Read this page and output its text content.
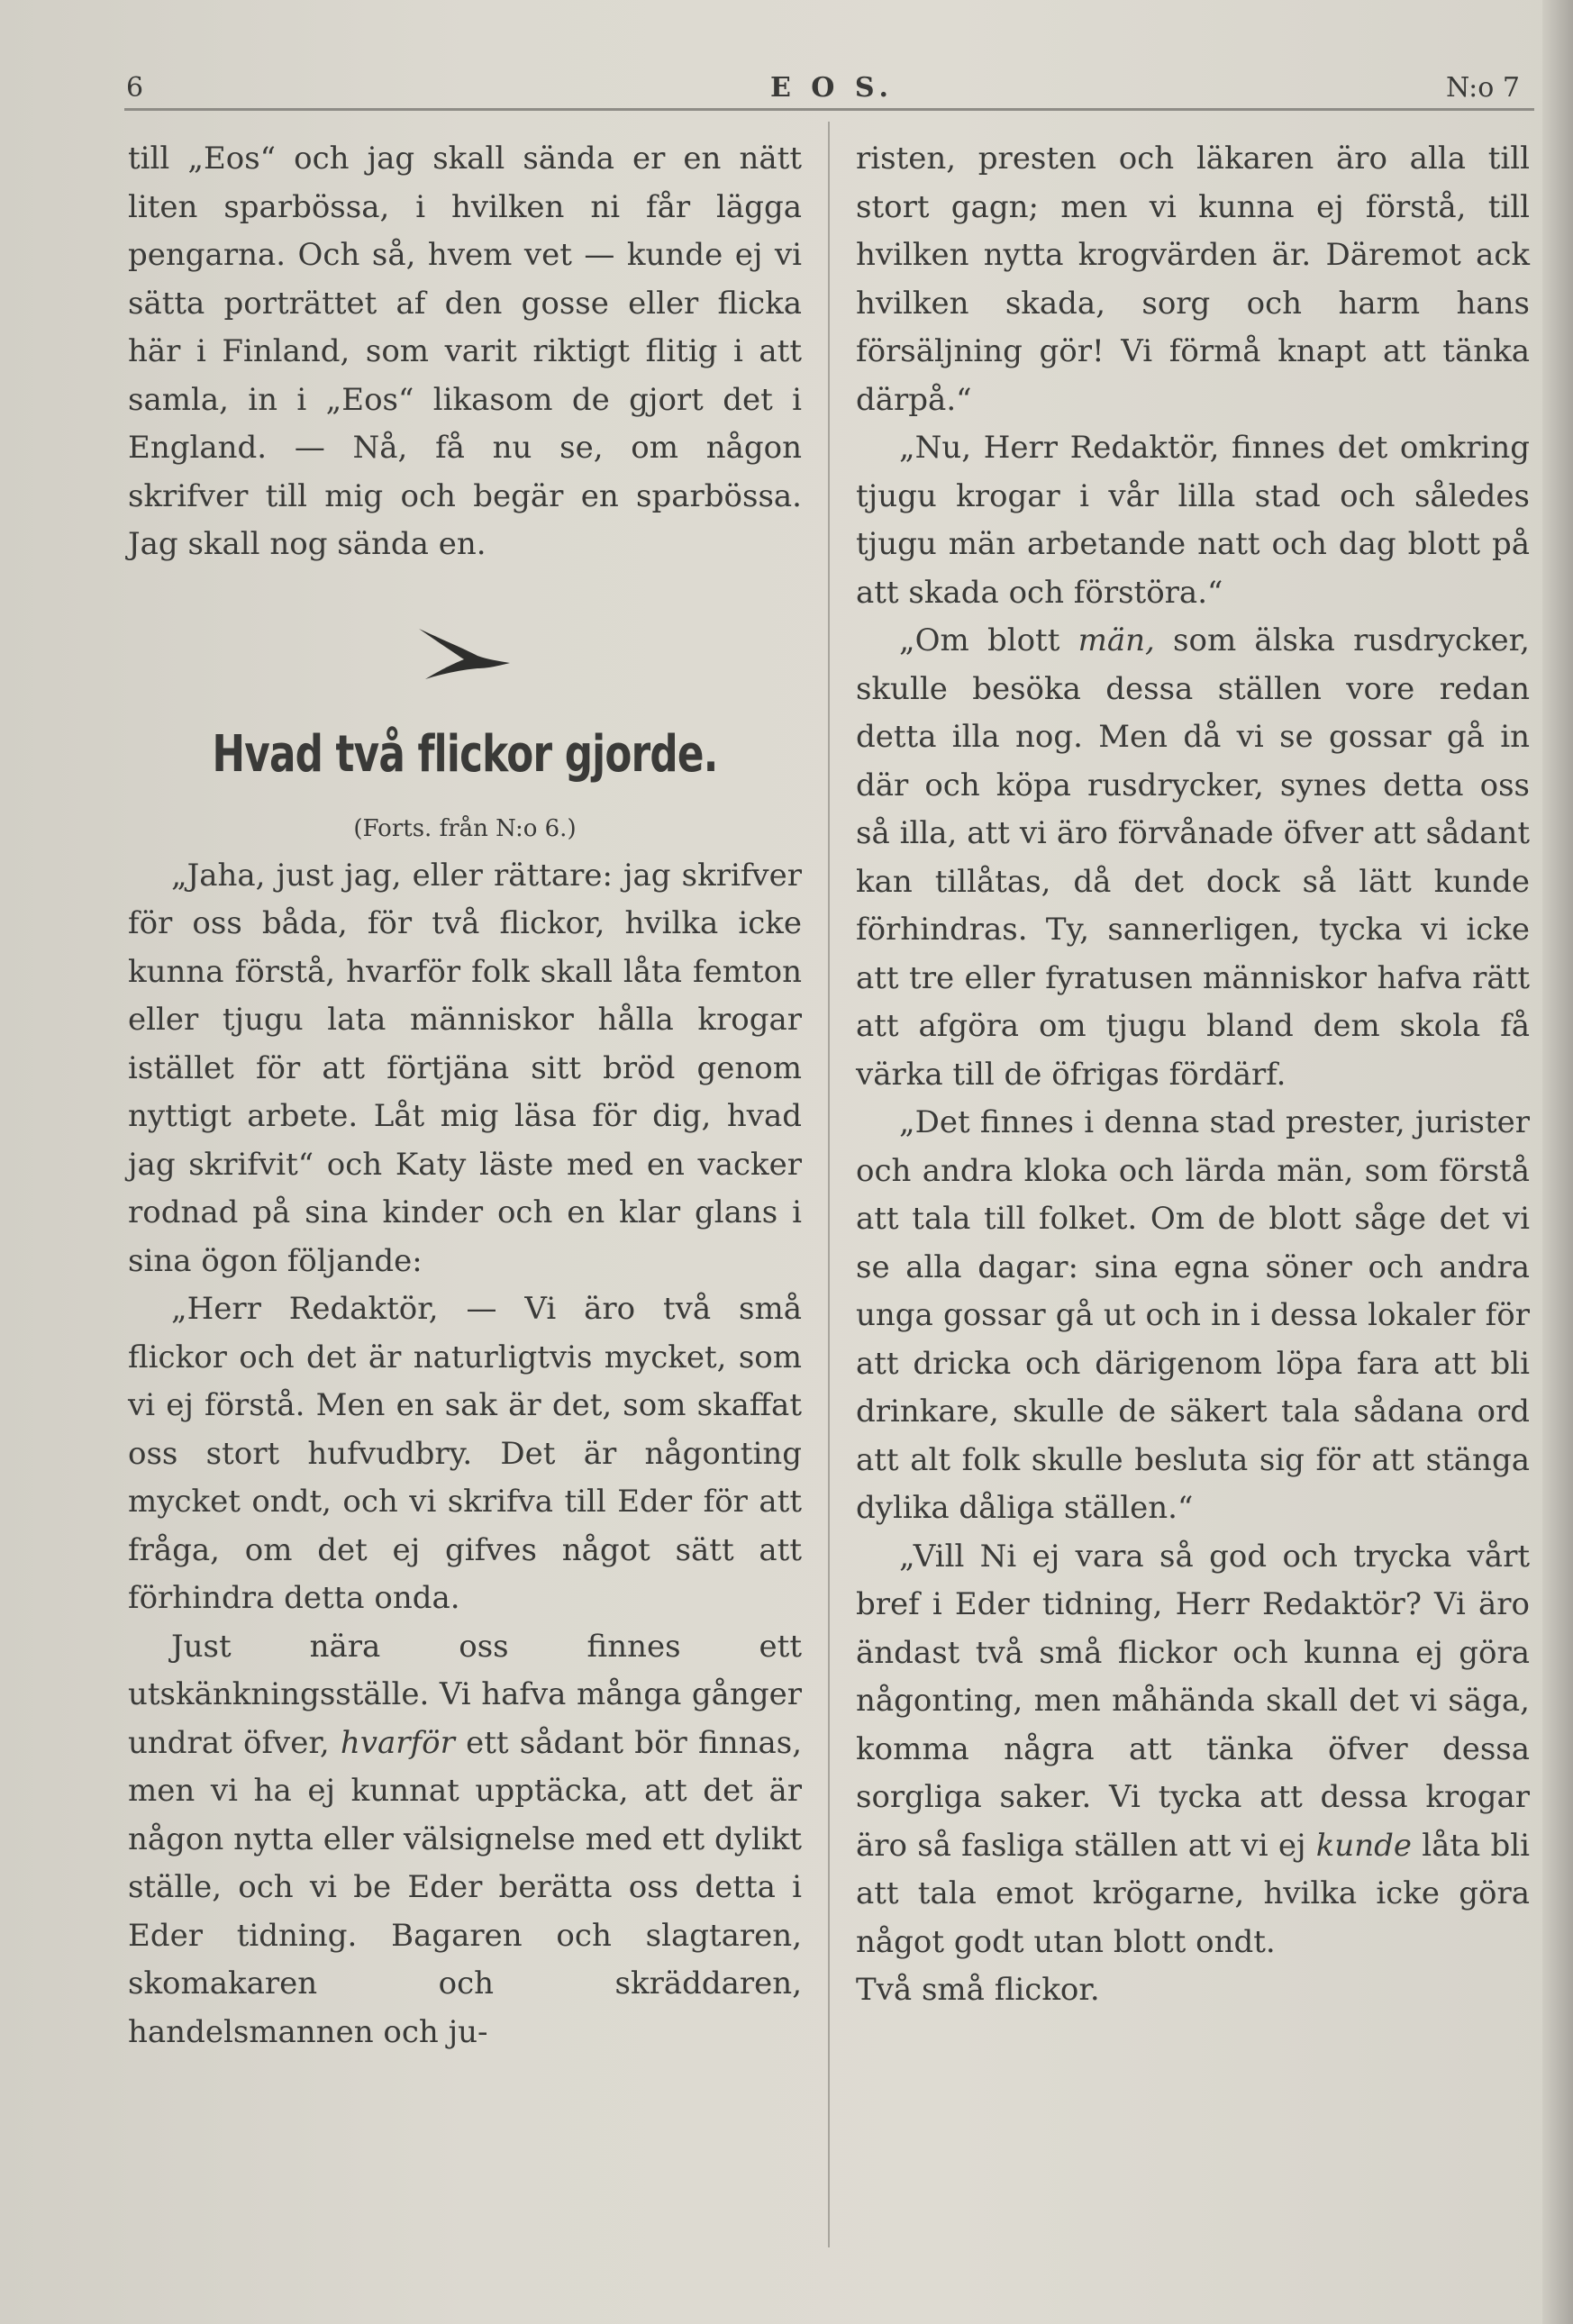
6	E O S.	N:o 7

till „Eos“ och jag skall sända er en nätt liten sparbössa, i hvilken ni får lägga pengarna. Och så, hvem vet — kunde ej vi sätta porträttet af den gosse eller flicka här i Finland, som varit riktigt flitig i att samla, in i „Eos“ likasom de gjort det i England. — Nå, få nu se, om någon skrifver till mig och begär en sparbössa. Jag skall nog sända en.

Hvad två flickor gjorde.
(Forts. från N:o 6.)

„Jaha, just jag, eller rättare: jag skrifver för oss båda, för två flickor, hvilka icke kunna förstå, hvarför folk skall låta femton eller tjugu lata människor hålla krogar istället för att förtjäna sitt bröd genom nyttigt arbete. Låt mig läsa för dig, hvad jag skrifvit“ och Katy läste med en vacker rodnad på sina kinder och en klar glans i sina ögon följande:

„Herr Redaktör, — Vi äro två små flickor och det är naturligtvis mycket, som vi ej förstå. Men en sak är det, som skaffat oss stort hufvudbry. Det är någonting mycket ondt, och vi skrifva till Eder för att fråga, om det ej gifves något sätt att förhindra detta onda.

Just nära oss finnes ett utskänkningsställe. Vi hafva många gånger undrat öfver, hvarför ett sådant bör finnas, men vi ha ej kunnat upptäcka, att det är någon nytta eller välsignelse med ett dylikt ställe, och vi be Eder berätta oss detta i Eder tidning. Bagaren och slagtaren, skomakaren och skräddaren, handelsmannen och ju-

risten, presten och läkaren äro alla till stort gagn; men vi kunna ej förstå, till hvilken nytta krogvärden är. Däremot ack hvilken skada, sorg och harm hans försäljning gör! Vi förmå knapt att tänka därpå.“

„Nu, Herr Redaktör, finnes det omkring tjugu krogar i vår lilla stad och således tjugu män arbetande natt och dag blott på att skada och förstöra.“

„Om blott män, som älska rusdrycker, skulle besöka dessa ställen vore redan detta illa nog. Men då vi se gossar gå in där och köpa rusdrycker, synes detta oss så illa, att vi äro förvånade öfver att sådant kan tillåtas, då det dock så lätt kunde förhindras. Ty, sannerligen, tycka vi icke att tre eller fyratusen människor hafva rätt att afgöra om tjugu bland dem skola få värka till de öfrigas fördärf.

„Det finnes i denna stad prester, jurister och andra kloka och lärda män, som förstå att tala till folket. Om de blott såge det vi se alla dagar: sina egna söner och andra unga gossar gå ut och in i dessa lokaler för att dricka och därigenom löpa fara att bli drinkare, skulle de säkert tala sådana ord att alt folk skulle besluta sig för att stänga dylika dåliga ställen.“

„Vill Ni ej vara så god och trycka vårt bref i Eder tidning, Herr Redaktör? Vi äro ändast två små flickor och kunna ej göra någonting, men måhända skall det vi säga, komma några att tänka öfver dessa sorgliga saker. Vi tycka att dessa krogar äro så fasliga ställen att vi ej kunde låta bli att tala emot krögarne, hvilka icke göra något godt utan blott ondt.

Två små flickor.
